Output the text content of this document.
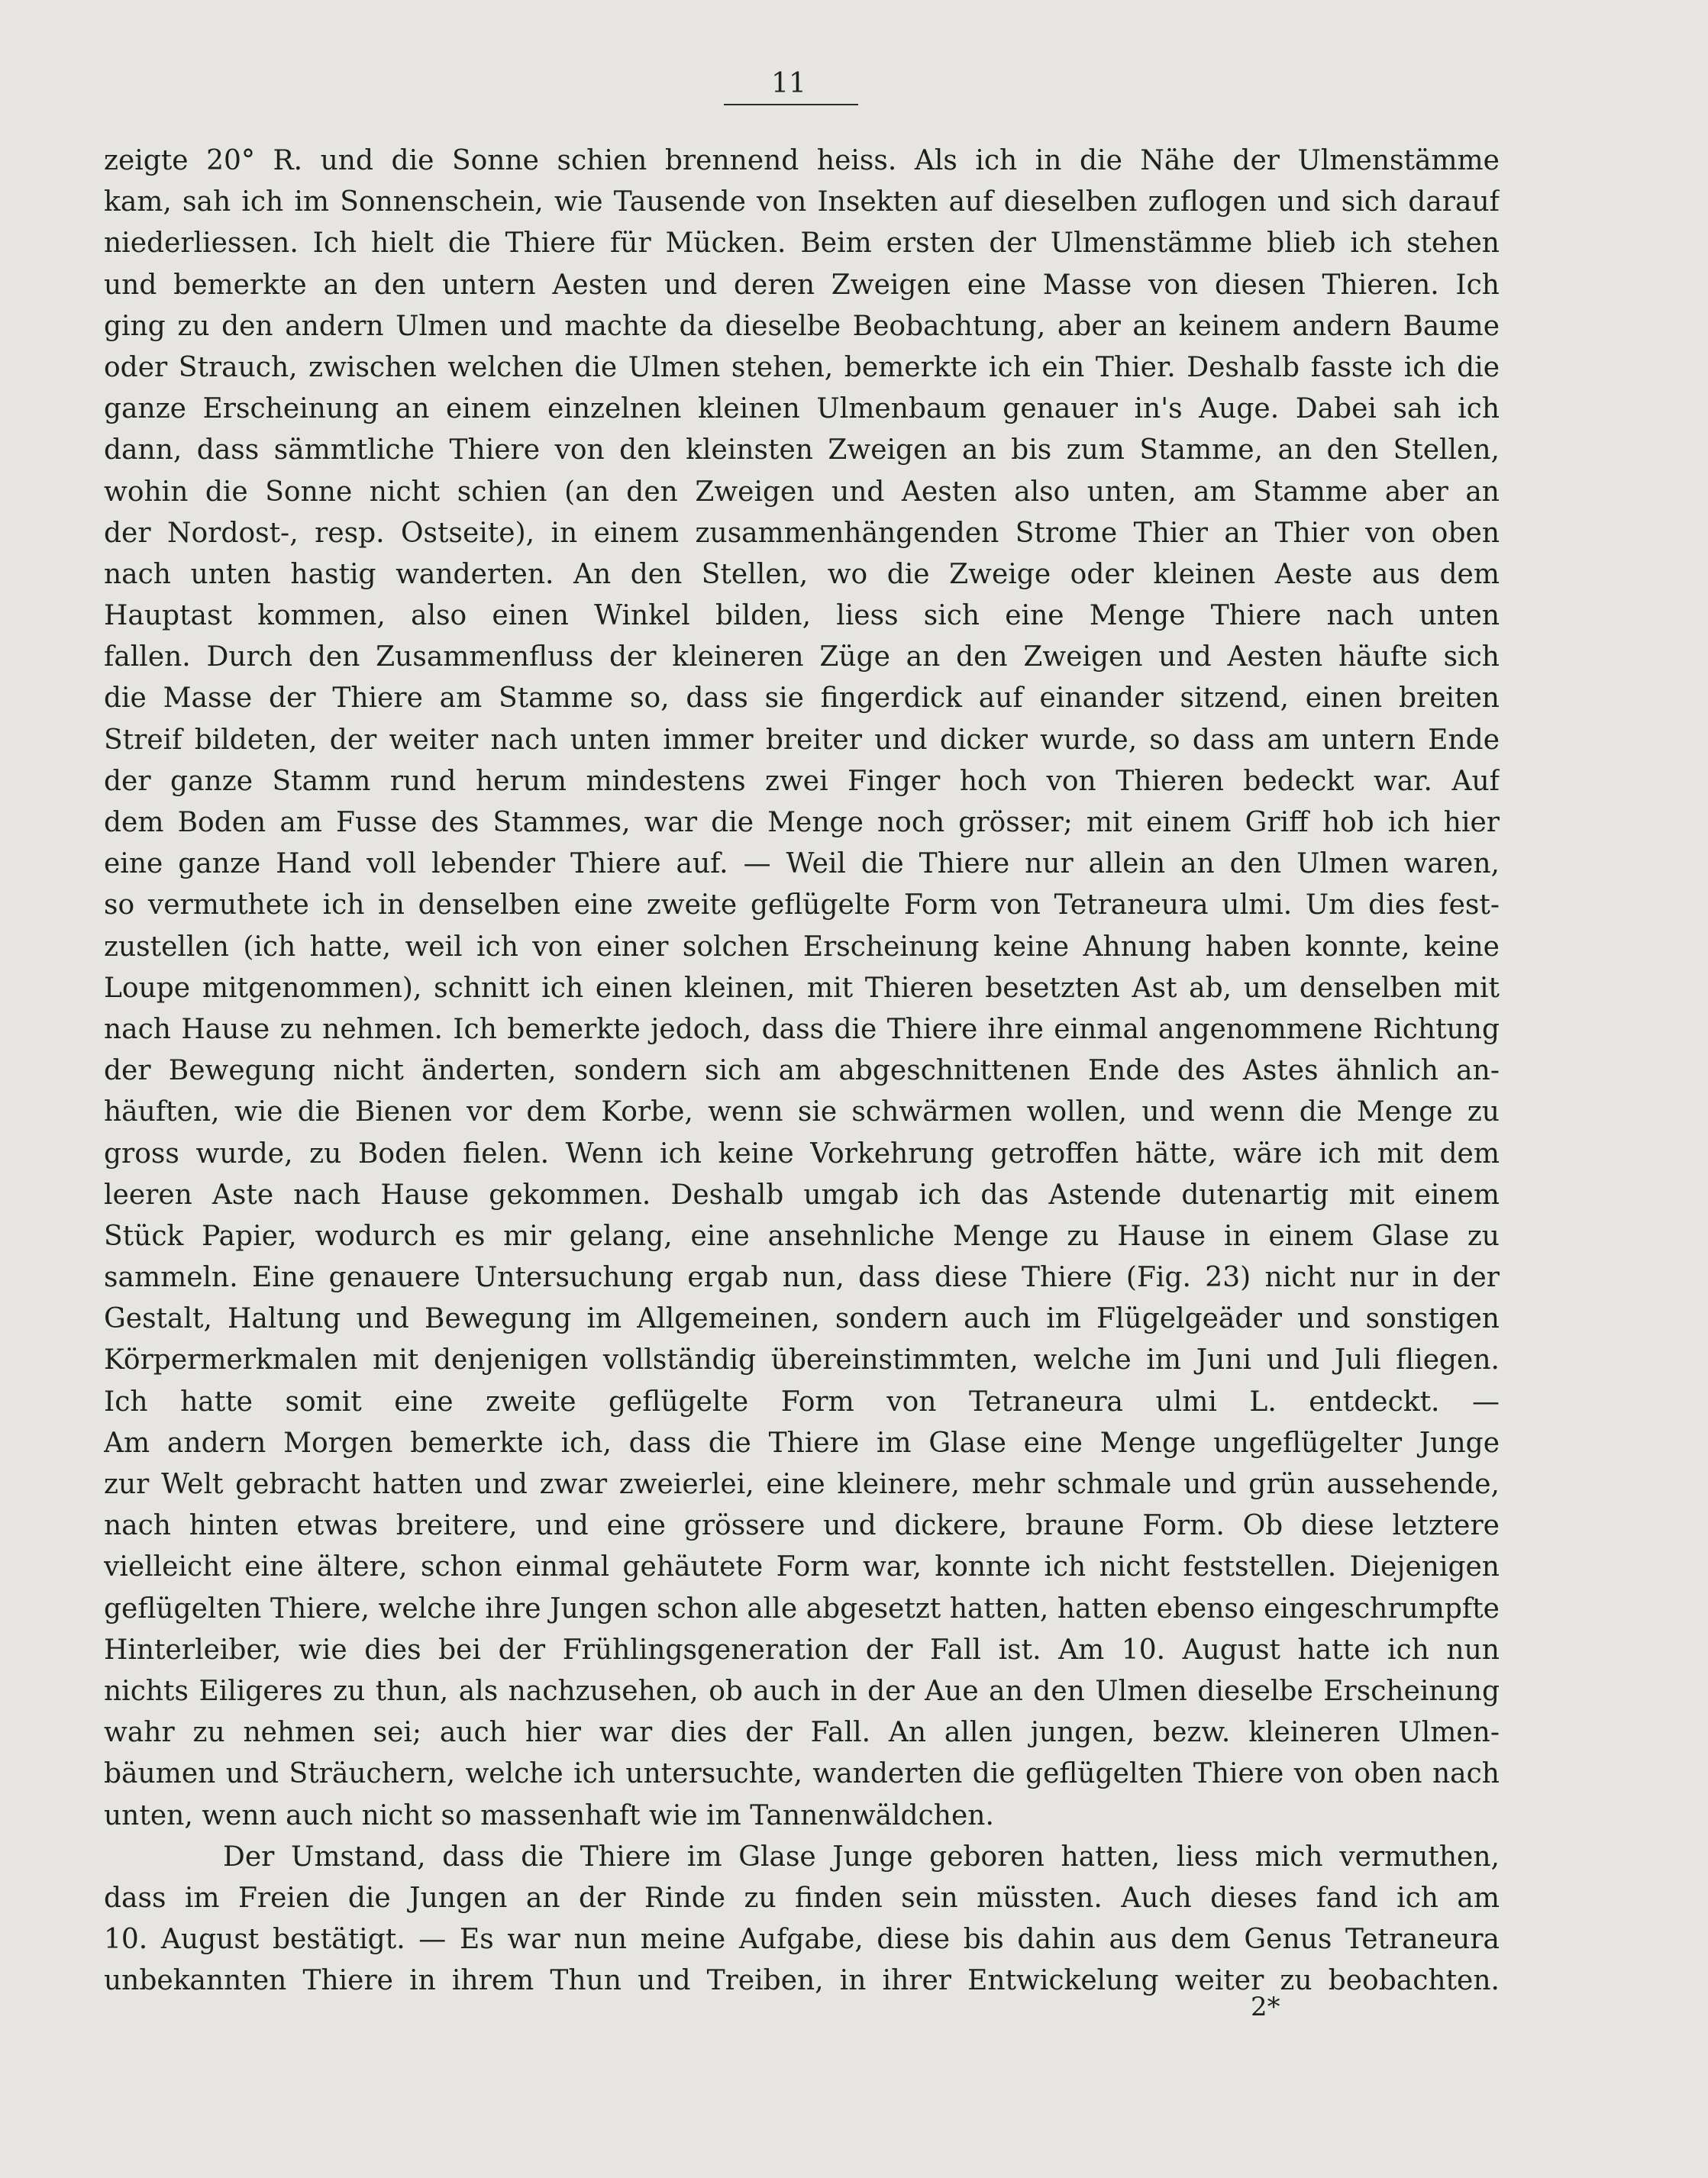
11
zeigte 20° R. und die Sonne schien brennend heiss. Als ich in die Nähe der Ulmenstämme
kam, sah ich im Sonnenschein, wie Tausende von Insekten auf dieselben zuflogen und sich darauf
niederliessen. Ich hielt die Thiere für Mücken. Beim ersten der Ulmenstämme blieb ich stehen
und bemerkte an den untern Aesten und deren Zweigen eine Masse von diesen Thieren. Ich
ging zu den andern Ulmen und machte da dieselbe Beobachtung, aber an keinem andern Baume
oder Strauch, zwischen welchen die Ulmen stehen, bemerkte ich ein Thier. Deshalb fasste ich die
ganze Erscheinung an einem einzelnen kleinen Ulmenbaum genauer in's Auge. Dabei sah ich
dann, dass sämmtliche Thiere von den kleinsten Zweigen an bis zum Stamme, an den Stellen,
wohin die Sonne nicht schien (an den Zweigen und Aesten also unten, am Stamme aber an
der Nordost-, resp. Ostseite), in einem zusammenhängenden Strome Thier an Thier von oben
nach unten hastig wanderten. An den Stellen, wo die Zweige oder kleinen Aeste aus dem
Hauptast kommen, also einen Winkel bilden, liess sich eine Menge Thiere nach unten
fallen. Durch den Zusammenfluss der kleineren Züge an den Zweigen und Aesten häufte sich
die Masse der Thiere am Stamme so, dass sie fingerdick auf einander sitzend, einen breiten
Streif bildeten, der weiter nach unten immer breiter und dicker wurde, so dass am untern Ende
der ganze Stamm rund herum mindestens zwei Finger hoch von Thieren bedeckt war. Auf
dem Boden am Fusse des Stammes, war die Menge noch grösser; mit einem Griff hob ich hier
eine ganze Hand voll lebender Thiere auf. — Weil die Thiere nur allein an den Ulmen waren,
so vermuthete ich in denselben eine zweite geflügelte Form von Tetraneura ulmi. Um dies fest-
zustellen (ich hatte, weil ich von einer solchen Erscheinung keine Ahnung haben konnte, keine
Loupe mitgenommen), schnitt ich einen kleinen, mit Thieren besetzten Ast ab, um denselben mit
nach Hause zu nehmen. Ich bemerkte jedoch, dass die Thiere ihre einmal angenommene Richtung
der Bewegung nicht änderten, sondern sich am abgeschnittenen Ende des Astes ähnlich an-
häuften, wie die Bienen vor dem Korbe, wenn sie schwärmen wollen, und wenn die Menge zu
gross wurde, zu Boden fielen. Wenn ich keine Vorkehrung getroffen hätte, wäre ich mit dem
leeren Aste nach Hause gekommen. Deshalb umgab ich das Astende dutenartig mit einem
Stück Papier, wodurch es mir gelang, eine ansehnliche Menge zu Hause in einem Glase zu
sammeln. Eine genauere Untersuchung ergab nun, dass diese Thiere (Fig. 23) nicht nur in der
Gestalt, Haltung und Bewegung im Allgemeinen, sondern auch im Flügelgeäder und sonstigen
Körpermerkmalen mit denjenigen vollständig übereinstimmten, welche im Juni und Juli fliegen.
Ich hatte somit eine zweite geflügelte Form von Tetraneura ulmi L. entdeckt. —
Am andern Morgen bemerkte ich, dass die Thiere im Glase eine Menge ungeflügelter Junge
zur Welt gebracht hatten und zwar zweierlei, eine kleinere, mehr schmale und grün aussehende,
nach hinten etwas breitere, und eine grössere und dickere, braune Form. Ob diese letztere
vielleicht eine ältere, schon einmal gehäutete Form war, konnte ich nicht feststellen. Diejenigen
geflügelten Thiere, welche ihre Jungen schon alle abgesetzt hatten, hatten ebenso eingeschrumpfte
Hinterleiber, wie dies bei der Frühlingsgeneration der Fall ist. Am 10. August hatte ich nun
nichts Eiligeres zu thun, als nachzusehen, ob auch in der Aue an den Ulmen dieselbe Erscheinung
wahr zu nehmen sei; auch hier war dies der Fall. An allen jungen, bezw. kleineren Ulmen-
bäumen und Sträuchern, welche ich untersuchte, wanderten die geflügelten Thiere von oben nach
unten, wenn auch nicht so massenhaft wie im Tannenwäldchen.
Der Umstand, dass die Thiere im Glase Junge geboren hatten, liess mich vermuthen,
dass im Freien die Jungen an der Rinde zu finden sein müssten. Auch dieses fand ich am
10. August bestätigt. — Es war nun meine Aufgabe, diese bis dahin aus dem Genus Tetraneura
unbekannten Thiere in ihrem Thun und Treiben, in ihrer Entwickelung weiter zu beobachten.
2*
